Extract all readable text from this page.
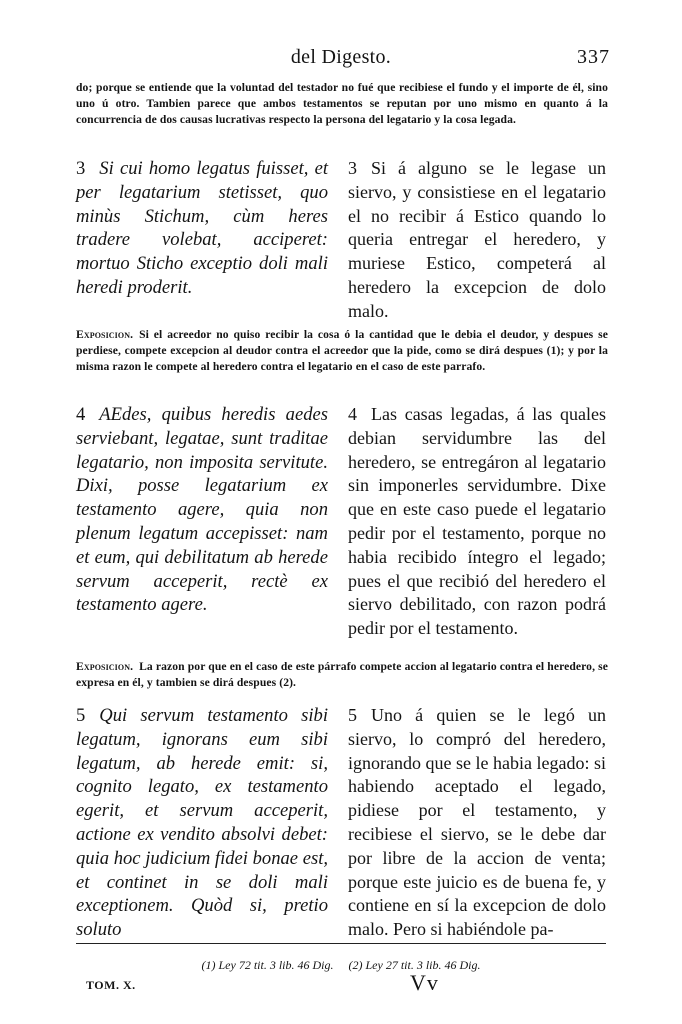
del Digesto.	337
do; porque se entiende que la voluntad del testador no fué que recibiese el fundo y el importe de él, sino uno ú otro. Tambien parece que ambos testamentos se reputan por uno mismo en quanto á la concurrencia de dos causas lucrativas respecto la persona del legatario y la cosa legada.
3 Si cui homo legatus fuisset, et per legatarium stetisset, quo minùs Stichum, cùm heres tradere volebat, acciperet: mortuo Sticho exceptio doli mali heredi proderit.
3 Si á alguno se le legase un siervo, y consistiese en el legatario el no recibir á Estico quando lo queria entregar el heredero, y muriese Estico, competerá al heredero la excepcion de dolo malo.
Exposicion. Si el acreedor no quiso recibir la cosa ó la cantidad que le debia el deudor, y despues se perdiese, compete excepcion al deudor contra el acreedor que la pide, como se dirá despues (1); y por la misma razon le compete al heredero contra el legatario en el caso de este parrafo.
4 AEdes, quibus heredis aedes serviebant, legatae, sunt traditae legatario, non imposita servitute. Dixi, posse legatarium ex testamento agere, quia non plenum legatum accepisset: nam et eum, qui debilitatum ab herede servum acceperit, rectè ex testamento agere.
4 Las casas legadas, á las quales debian servidumbre las del heredero, se entregáron al legatario sin imponerles servidumbre. Dixe que en este caso puede el legatario pedir por el testamento, porque no habia recibido íntegro el legado; pues el que recibió del heredero el siervo debilitado, con razon podrá pedir por el testamento.
Exposicion. La razon por que en el caso de este párrafo compete accion al legatario contra el heredero, se expresa en él, y tambien se dirá despues (2).
5 Qui servum testamento sibi legatum, ignorans eum sibi legatum, ab herede emit: si, cognito legato, ex testamento egerit, et servum acceperit, actione ex vendito absolvi debet: quia hoc judicium fidei bonae est, et continet in se doli mali exceptionem. Quòd si, pretio soluto
5 Uno á quien se le legó un siervo, lo compró del heredero, ignorando que se le habia legado: si habiendo aceptado el legado, pidiese por el testamento, y recibiese el siervo, se le debe dar por libre de la accion de venta; porque este juicio es de buena fe, y contiene en sí la excepcion de dolo malo. Pero si habiéndole pa-
(1) Ley 72 tit. 3 lib. 46 Dig. (2) Ley 27 tit. 3 lib. 46 Dig.
TOM. X.	Vv
